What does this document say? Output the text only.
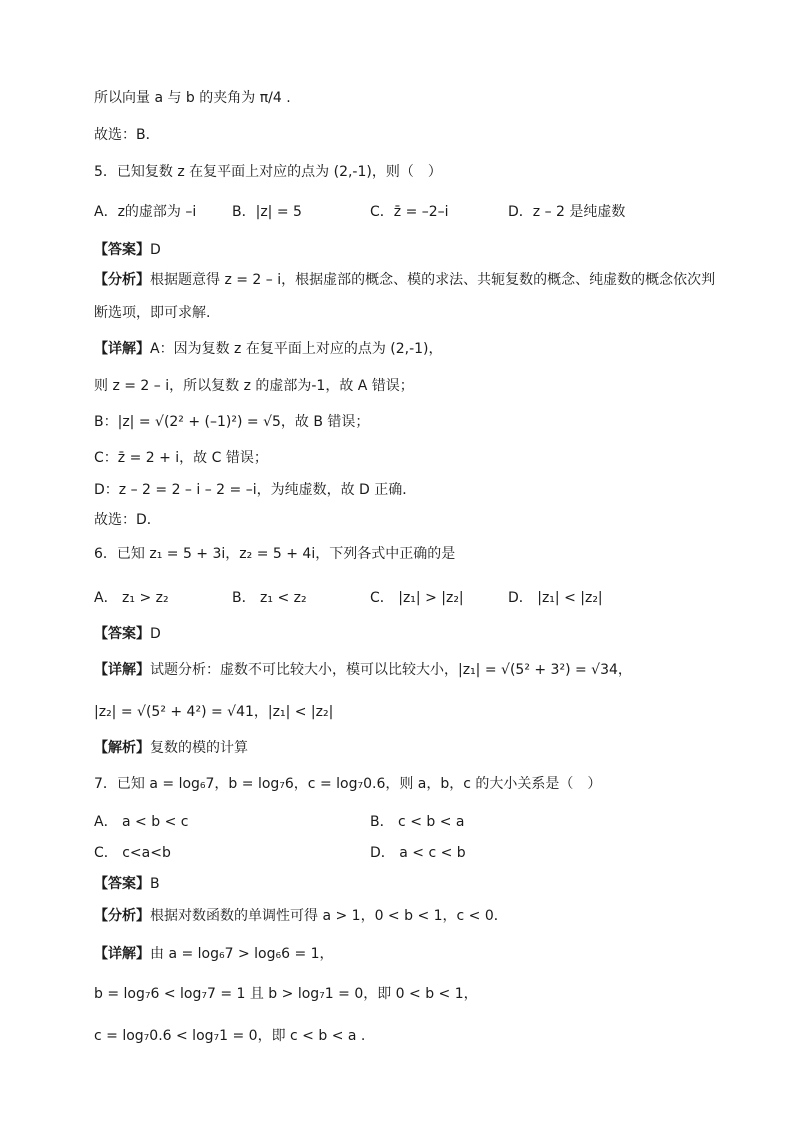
所以向量 a 与 b 的夹角为 π/4 .
故选：B．
5．已知复数 z 在复平面上对应的点为 (2,-1)，则（　）
A．z的虚部为 –i	B．|z| = 5	C．z̄ = –2–i	D．z – 2 是纯虚数
【答案】D
【分析】根据题意得 z = 2 – i，根据虚部的概念、模的求法、共轭复数的概念、纯虚数的概念依次判
断选项，即可求解.
【详解】A：因为复数 z 在复平面上对应的点为 (2,-1)，
则 z = 2 – i，所以复数 z 的虚部为-1，故 A 错误；
B：|z| = √(2² + (–1)²) = √5，故 B 错误；
C：z̄ = 2 + i，故 C 错误；
D：z – 2 = 2 – i – 2 = –i，为纯虚数，故 D 正确．
故选：D．
6．已知 z₁ = 5 + 3i，z₂ = 5 + 4i，下列各式中正确的是
A． z₁ > z₂	B． z₁ < z₂	C． |z₁| > |z₂|	D． |z₁| < |z₂|
【答案】D
【详解】试题分析：虚数不可比较大小，模可以比较大小，|z₁| = √(5² + 3²) = √34，
|z₂| = √(5² + 4²) = √41，|z₁| < |z₂|
【解析】复数的模的计算
7．已知 a = log₆7，b = log₇6，c = log₇0.6，则 a，b，c 的大小关系是（　）
A． a < b < c	B． c < b < a
C． c<a<b	D． a < c < b
【答案】B
【分析】根据对数函数的单调性可得 a > 1，0 < b < 1，c < 0．
【详解】由 a = log₆7 > log₆6 = 1，
b = log₇6 < log₇7 = 1 且 b > log₇1 = 0，即 0 < b < 1，
c = log₇0.6 < log₇1 = 0，即 c < b < a .
